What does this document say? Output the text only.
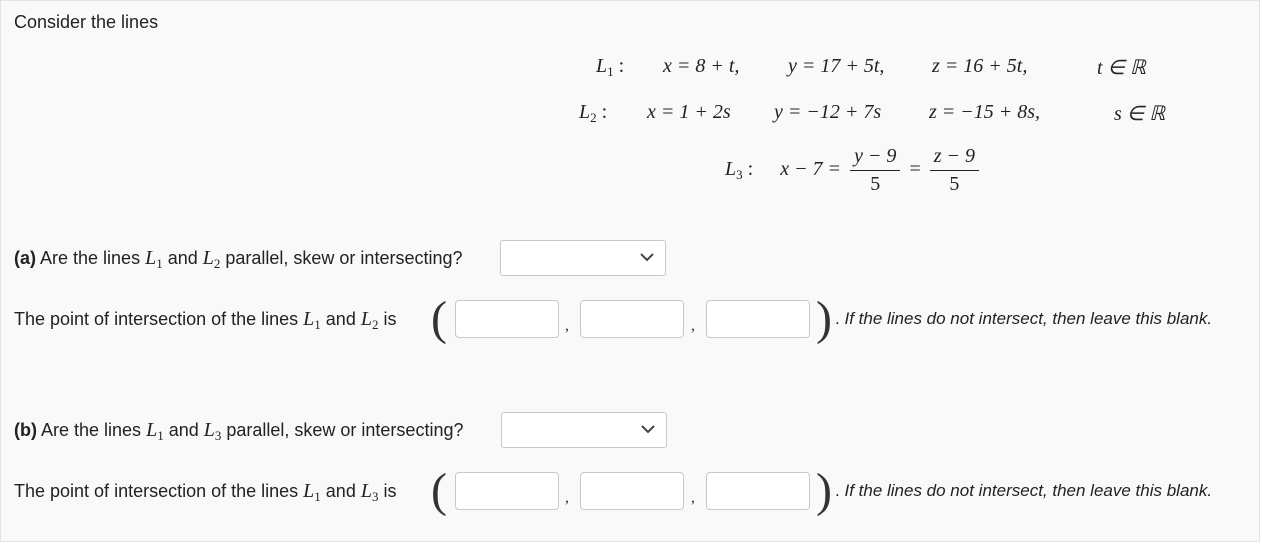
Consider the lines
$L_1$ : x = 8 + t, y = 17 + 5t, z = 16 + 5t,	t ∈ ℝ
$L_2$ : x = 1 + 2s y = −12 + 7s z = −15 + 8s,	s ∈ ℝ
$L_3$ : $x - 7 = \frac{y - 9}{5} = \frac{z - 9}{5}$
(a) Are the lines $L_1$ and $L_2$ parallel, skew or intersecting?
The point of intersection of the lines $L_1$ and $L_2$ is (	,	,	) . If the lines do not intersect, then leave this blank.
(b) Are the lines $L_1$ and $L_3$ parallel, skew or intersecting?
The point of intersection of the lines $L_1$ and $L_3$ is (	,	,	) . If the lines do not intersect, then leave this blank.
